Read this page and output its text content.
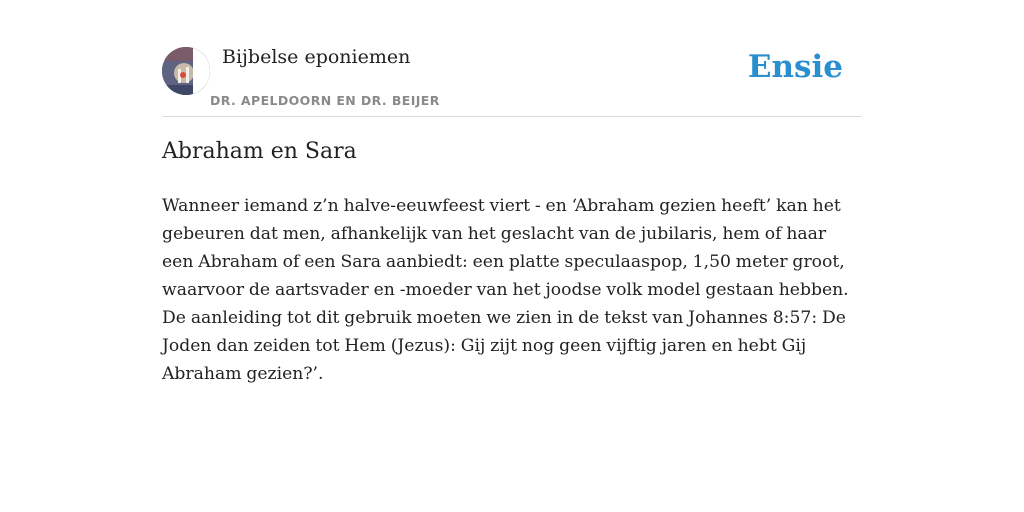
Bijbelse eponiemen
DR. APELDOORN EN DR. BEIJER
Ensie
Abraham en Sara

Wanneer iemand z’n halve-eeuwfeest viert - en ‘Abraham gezien heeft’ kan het gebeuren dat men, afhankelijk van het geslacht van de jubilaris, hem of haar een Abraham of een Sara aanbiedt: een platte speculaaspop, 1,50 meter groot, waarvoor de aartsvader en -moeder van het joodse volk model gestaan hebben. De aanleiding tot dit gebruik moeten we zien in de tekst van Johannes 8:57: De Joden dan zeiden tot Hem (Jezus): Gij zijt nog geen vijftig jaren en hebt Gij Abraham gezien?’.
